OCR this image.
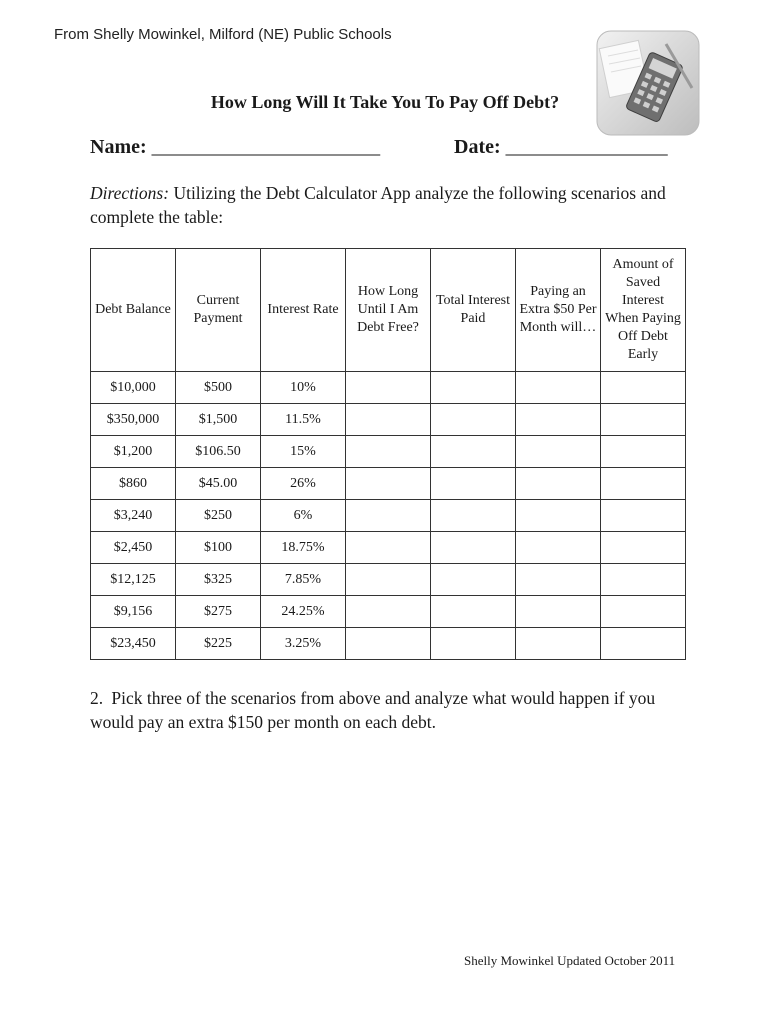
From Shelly Mowinkel, Milford (NE) Public Schools
How Long Will It Take You To Pay Off Debt?
Name: ________________________	Date: _________________
Directions: Utilizing the Debt Calculator App analyze the following scenarios and complete the table:
Debt Balance	Current Payment	Interest Rate	How Long Until I Am Debt Free?	Total Interest Paid	Paying an Extra $50 Per Month will…	Amount of Saved Interest When Paying Off Debt Early
$10,000	$500	10%				
$350,000	$1,500	11.5%				
$1,200	$106.50	15%				
$860	$45.00	26%				
$3,240	$250	6%				
$2,450	$100	18.75%				
$12,125	$325	7.85%				
$9,156	$275	24.25%				
$23,450	$225	3.25%				
2. Pick three of the scenarios from above and analyze what would happen if you would pay an extra $150 per month on each debt.
Shelly Mowinkel Updated October 2011
